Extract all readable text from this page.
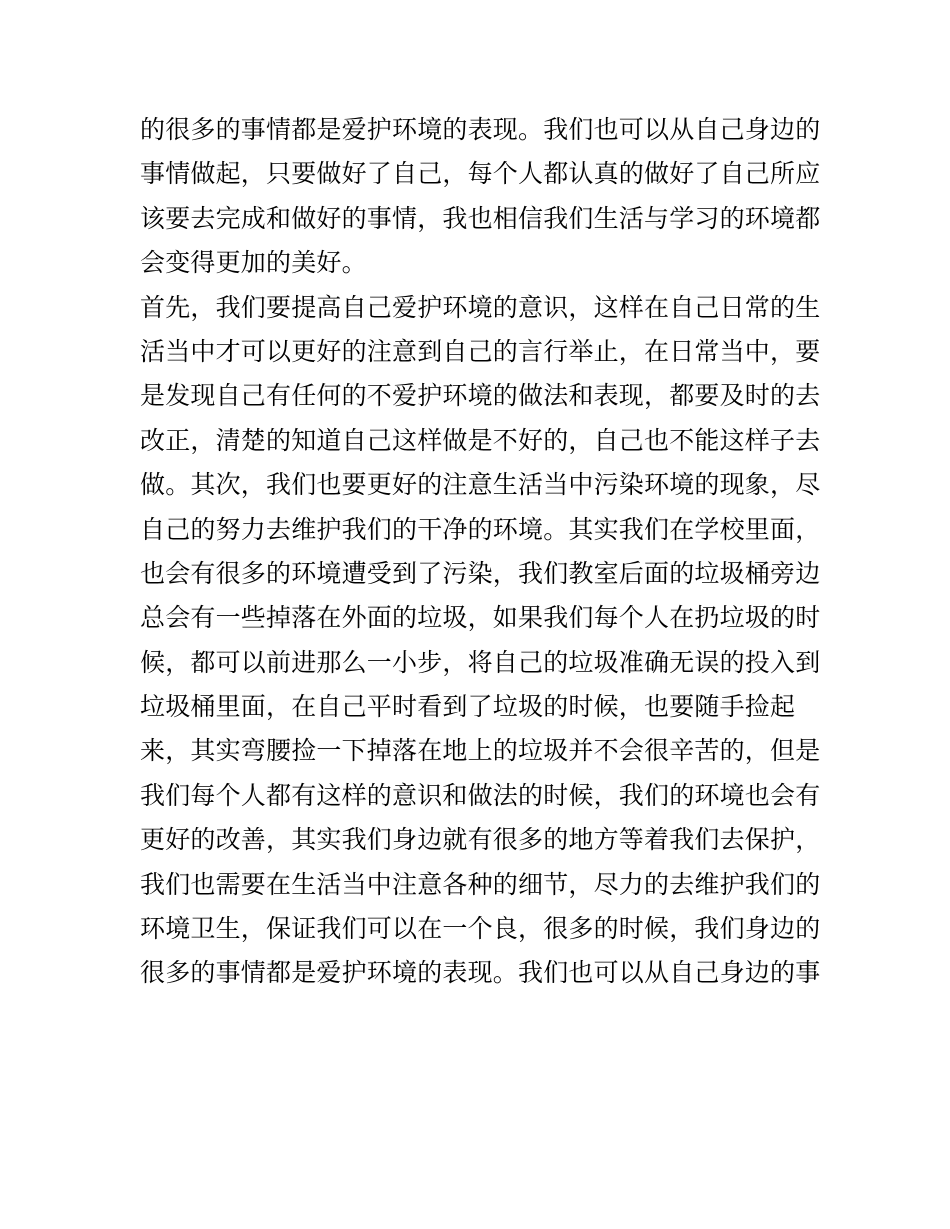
的很多的事情都是爱护环境的表现。我们也可以从自己身边的
事情做起，只要做好了自己，每个人都认真的做好了自己所应
该要去完成和做好的事情，我也相信我们生活与学习的环境都
会变得更加的美好。
首先，我们要提高自己爱护环境的意识，这样在自己日常的生
活当中才可以更好的注意到自己的言行举止，在日常当中，要
是发现自己有任何的不爱护环境的做法和表现，都要及时的去
改正，清楚的知道自己这样做是不好的，自己也不能这样子去
做。其次，我们也要更好的注意生活当中污染环境的现象，尽
自己的努力去维护我们的干净的环境。其实我们在学校里面，
也会有很多的环境遭受到了污染，我们教室后面的垃圾桶旁边
总会有一些掉落在外面的垃圾，如果我们每个人在扔垃圾的时
候，都可以前进那么一小步，将自己的垃圾准确无误的投入到
垃圾桶里面，在自己平时看到了垃圾的时候，也要随手捡起
来，其实弯腰捡一下掉落在地上的垃圾并不会很辛苦的，但是
我们每个人都有这样的意识和做法的时候，我们的环境也会有
更好的改善，其实我们身边就有很多的地方等着我们去保护，
我们也需要在生活当中注意各种的细节，尽力的去维护我们的
环境卫生，保证我们可以在一个良，很多的时候，我们身边的
很多的事情都是爱护环境的表现。我们也可以从自己身边的事
